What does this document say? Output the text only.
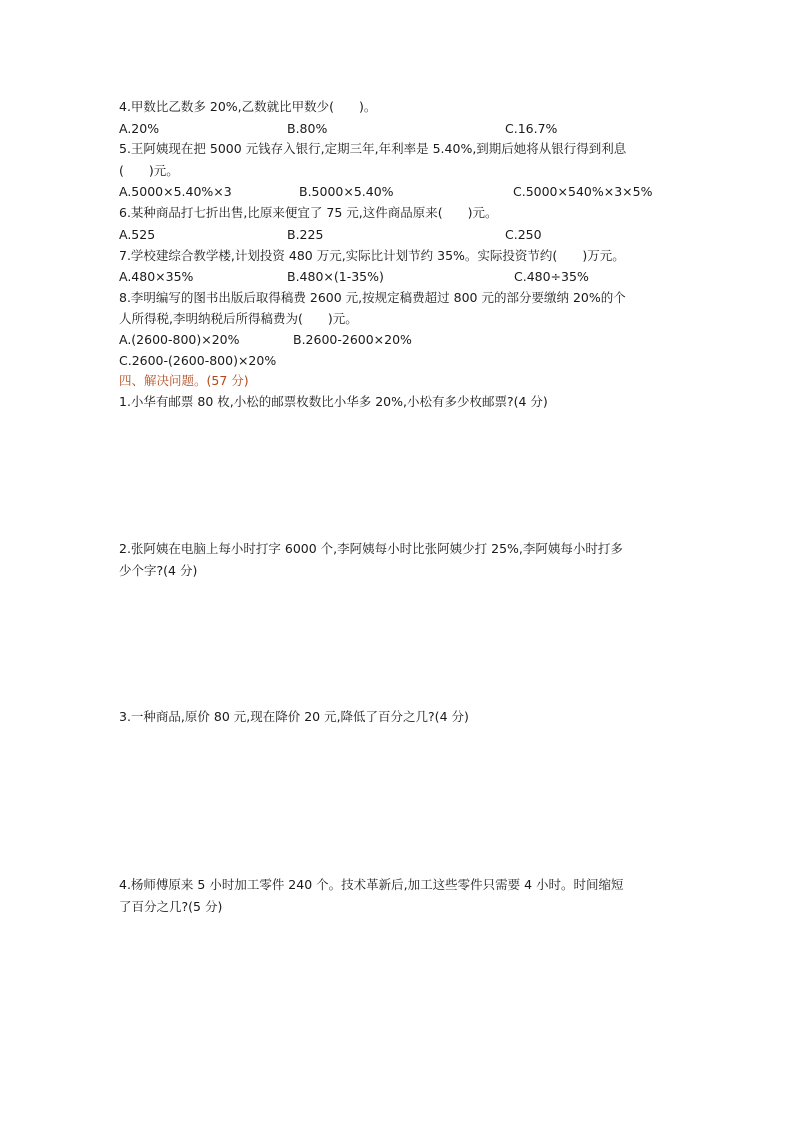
4.甲数比乙数多 20%,乙数就比甲数少(　　)。
A.20%	B.80%	C.16.7%
5.王阿姨现在把 5000 元钱存入银行,定期三年,年利率是 5.40%,到期后她将从银行得到利息
(　　)元。
A.5000×5.40%×3	B.5000×5.40%	C.5000×540%×3×5%
6.某种商品打七折出售,比原来便宜了 75 元,这件商品原来(　　)元。
A.525	B.225	C.250
7.学校建综合教学楼,计划投资 480 万元,实际比计划节约 35%。实际投资节约(　　)万元。
A.480×35%	B.480×(1-35%)	C.480÷35%
8.李明编写的图书出版后取得稿费 2600 元,按规定稿费超过 800 元的部分要缴纳 20%的个
人所得税,李明纳税后所得稿费为(　　)元。
A.(2600-800)×20%	B.2600-2600×20%
C.2600-(2600-800)×20%
四、解决问题。(57 分)
1.小华有邮票 80 枚,小松的邮票枚数比小华多 20%,小松有多少枚邮票?(4 分)
2.张阿姨在电脑上每小时打字 6000 个,李阿姨每小时比张阿姨少打 25%,李阿姨每小时打多
少个字?(4 分)
3.一种商品,原价 80 元,现在降价 20 元,降低了百分之几?(4 分)
4.杨师傅原来 5 小时加工零件 240 个。技术革新后,加工这些零件只需要 4 小时。时间缩短
了百分之几?(5 分)
